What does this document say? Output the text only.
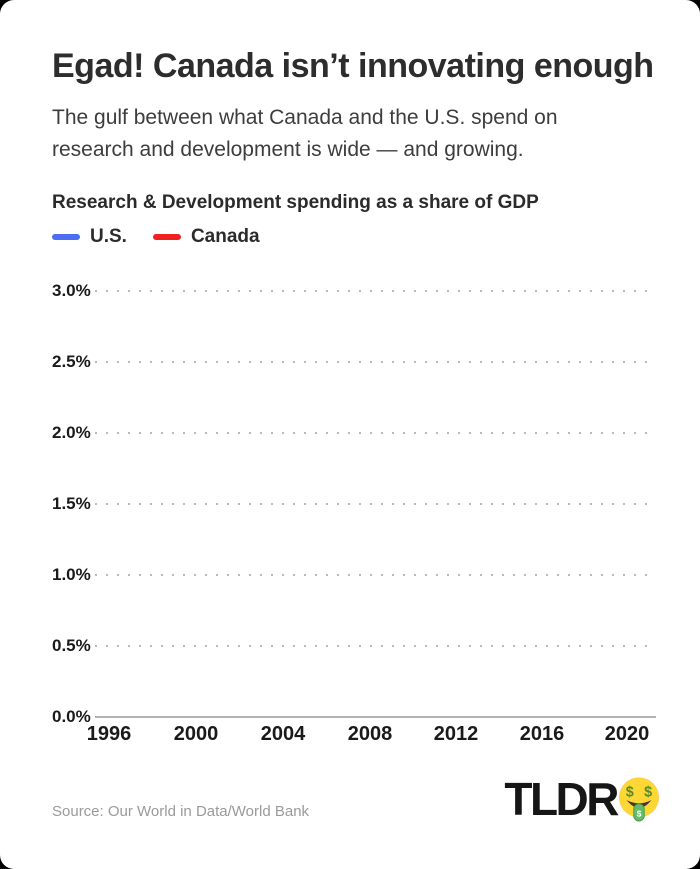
Egad! Canada isn’t innovating enough

The gulf between what Canada and the U.S. spend on research and development is wide — and growing.

Research & Development spending as a share of GDP
U.S.	Canada
3.0%
2.5%
2.0%
1.5%
1.0%
0.5%
0.0%
1996	2000	2004	2008	2012	2016	2020
Source: Our World in Data/World Bank	TLDR $ $
$
